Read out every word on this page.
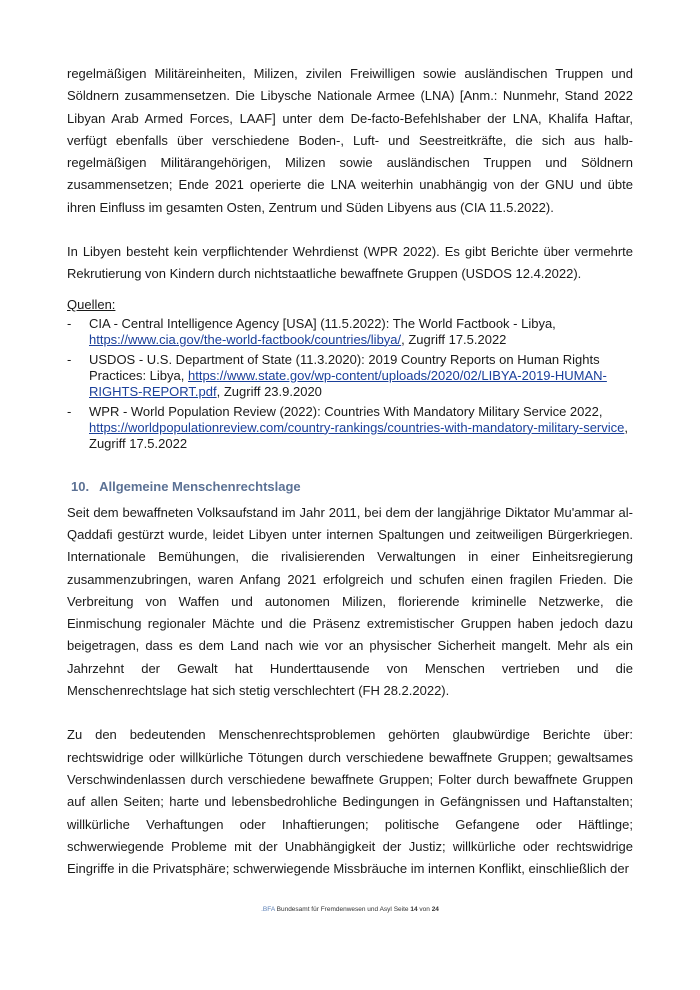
regelmäßigen Militäreinheiten, Milizen, zivilen Freiwilligen sowie ausländischen Truppen und Söldnern zusammensetzen. Die Libysche Nationale Armee (LNA) [Anm.: Nunmehr, Stand 2022 Libyan Arab Armed Forces, LAAF] unter dem De-facto-Befehlshaber der LNA, Khalifa Haftar, verfügt ebenfalls über verschiedene Boden-, Luft- und Seestreitkräfte, die sich aus halb-regelmäßigen Militärangehörigen, Milizen sowie ausländischen Truppen und Söldnern zusammensetzen; Ende 2021 operierte die LNA weiterhin unabhängig von der GNU und übte ihren Einfluss im gesamten Osten, Zentrum und Süden Libyens aus (CIA 11.5.2022).

In Libyen besteht kein verpflichtender Wehrdienst (WPR 2022). Es gibt Berichte über vermehrte Rekrutierung von Kindern durch nichtstaatliche bewaffnete Gruppen (USDOS 12.4.2022).

Quellen:
- CIA - Central Intelligence Agency [USA] (11.5.2022): The World Factbook - Libya, https://www.cia.gov/the-world-factbook/countries/libya/, Zugriff 17.5.2022
- USDOS - U.S. Department of State (11.3.2020): 2019 Country Reports on Human Rights Practices: Libya, https://www.state.gov/wp-content/uploads/2020/02/LIBYA-2019-HUMAN-RIGHTS-REPORT.pdf, Zugriff 23.9.2020
- WPR - World Population Review (2022): Countries With Mandatory Military Service 2022, https://worldpopulationreview.com/country-rankings/countries-with-mandatory-military-service, Zugriff 17.5.2022
10. Allgemeine Menschenrechtslage

Seit dem bewaffneten Volksaufstand im Jahr 2011, bei dem der langjährige Diktator Mu'ammar al-Qaddafi gestürzt wurde, leidet Libyen unter internen Spaltungen und zeitweiligen Bürgerkriegen. Internationale Bemühungen, die rivalisierenden Verwaltungen in einer Einheitsregierung zusammenzubringen, waren Anfang 2021 erfolgreich und schufen einen fragilen Frieden. Die Verbreitung von Waffen und autonomen Milizen, florierende kriminelle Netzwerke, die Einmischung regionaler Mächte und die Präsenz extremistischer Gruppen haben jedoch dazu beigetragen, dass es dem Land nach wie vor an physischer Sicherheit mangelt. Mehr als ein Jahrzehnt der Gewalt hat Hunderttausende von Menschen vertrieben und die Menschenrechtslage hat sich stetig verschlechtert (FH 28.2.2022).

Zu den bedeutenden Menschenrechtsproblemen gehörten glaubwürdige Berichte über: rechtswidrige oder willkürliche Tötungen durch verschiedene bewaffnete Gruppen; gewaltsames Verschwindenlassen durch verschiedene bewaffnete Gruppen; Folter durch bewaffnete Gruppen auf allen Seiten; harte und lebensbedrohliche Bedingungen in Gefängnissen und Haftanstalten; willkürliche Verhaftungen oder Inhaftierungen; politische Gefangene oder Häftlinge; schwerwiegende Probleme mit der Unabhängigkeit der Justiz; willkürliche oder rechtswidrige Eingriffe in die Privatsphäre; schwerwiegende Missbräuche im internen Konflikt, einschließlich der

.BFA Bundesamt für Fremdenwesen und Asyl Seite 14 von 24
